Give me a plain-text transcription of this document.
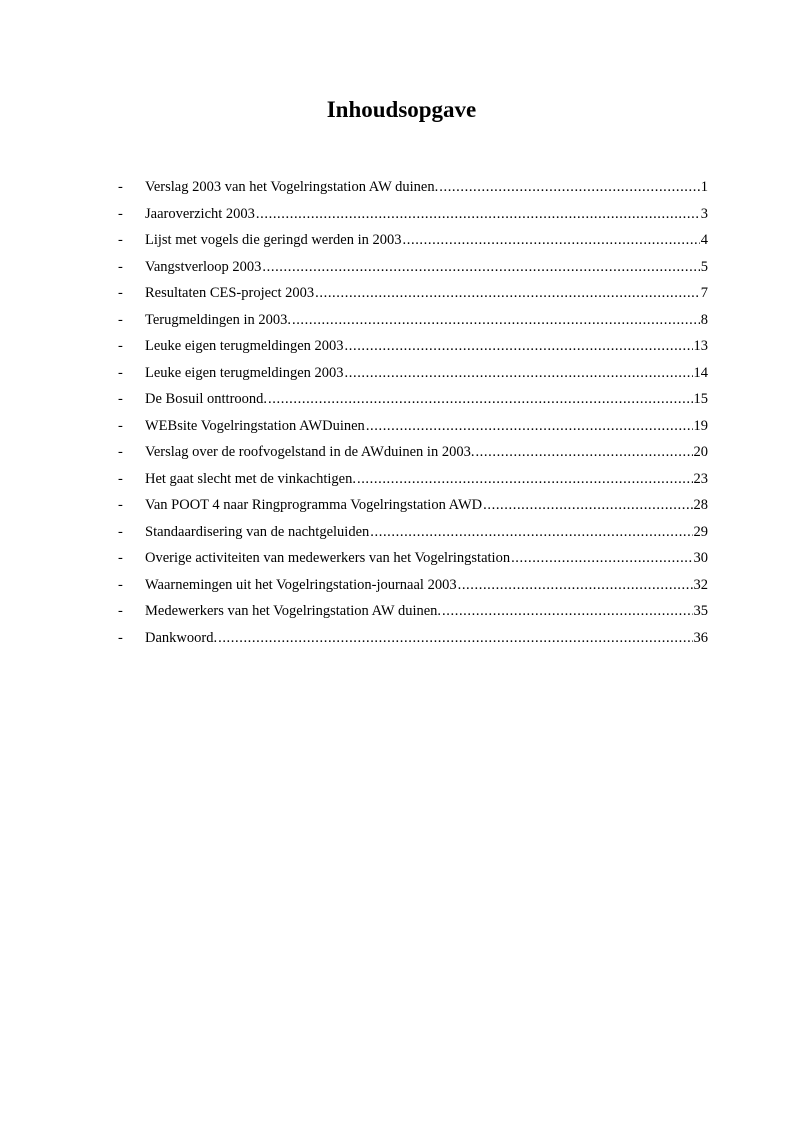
Inhoudsopgave
-	Verslag 2003 van het Vogelringstation AW duinen. .....	1
-	Jaaroverzicht 2003 .....	3
-	Lijst met vogels die geringd werden in 2003 .....	4
-	Vangstverloop 2003 .....	5
-	Resultaten CES-project 2003 .....	7
-	Terugmeldingen in 2003. .....	8
-	Leuke eigen terugmeldingen 2003 .....	13
-	Leuke eigen terugmeldingen 2003 .....	14
-	De Bosuil onttroond. .....	15
-	WEBsite Vogelringstation AWDuinen .....	19
-	Verslag over de roofvogelstand in de AWduinen in 2003. .....	20
-	Het gaat slecht met de vinkachtigen. .....	23
-	Van POOT 4 naar Ringprogramma Vogelringstation AWD .....	28
-	Standaardisering van de nachtgeluiden .....	29
-	Overige activiteiten van medewerkers van het Vogelringstation .....	30
-	Waarnemingen uit het Vogelringstation-journaal 2003 .....	32
-	Medewerkers van het Vogelringstation AW duinen. .....	35
-	Dankwoord. .....	36
